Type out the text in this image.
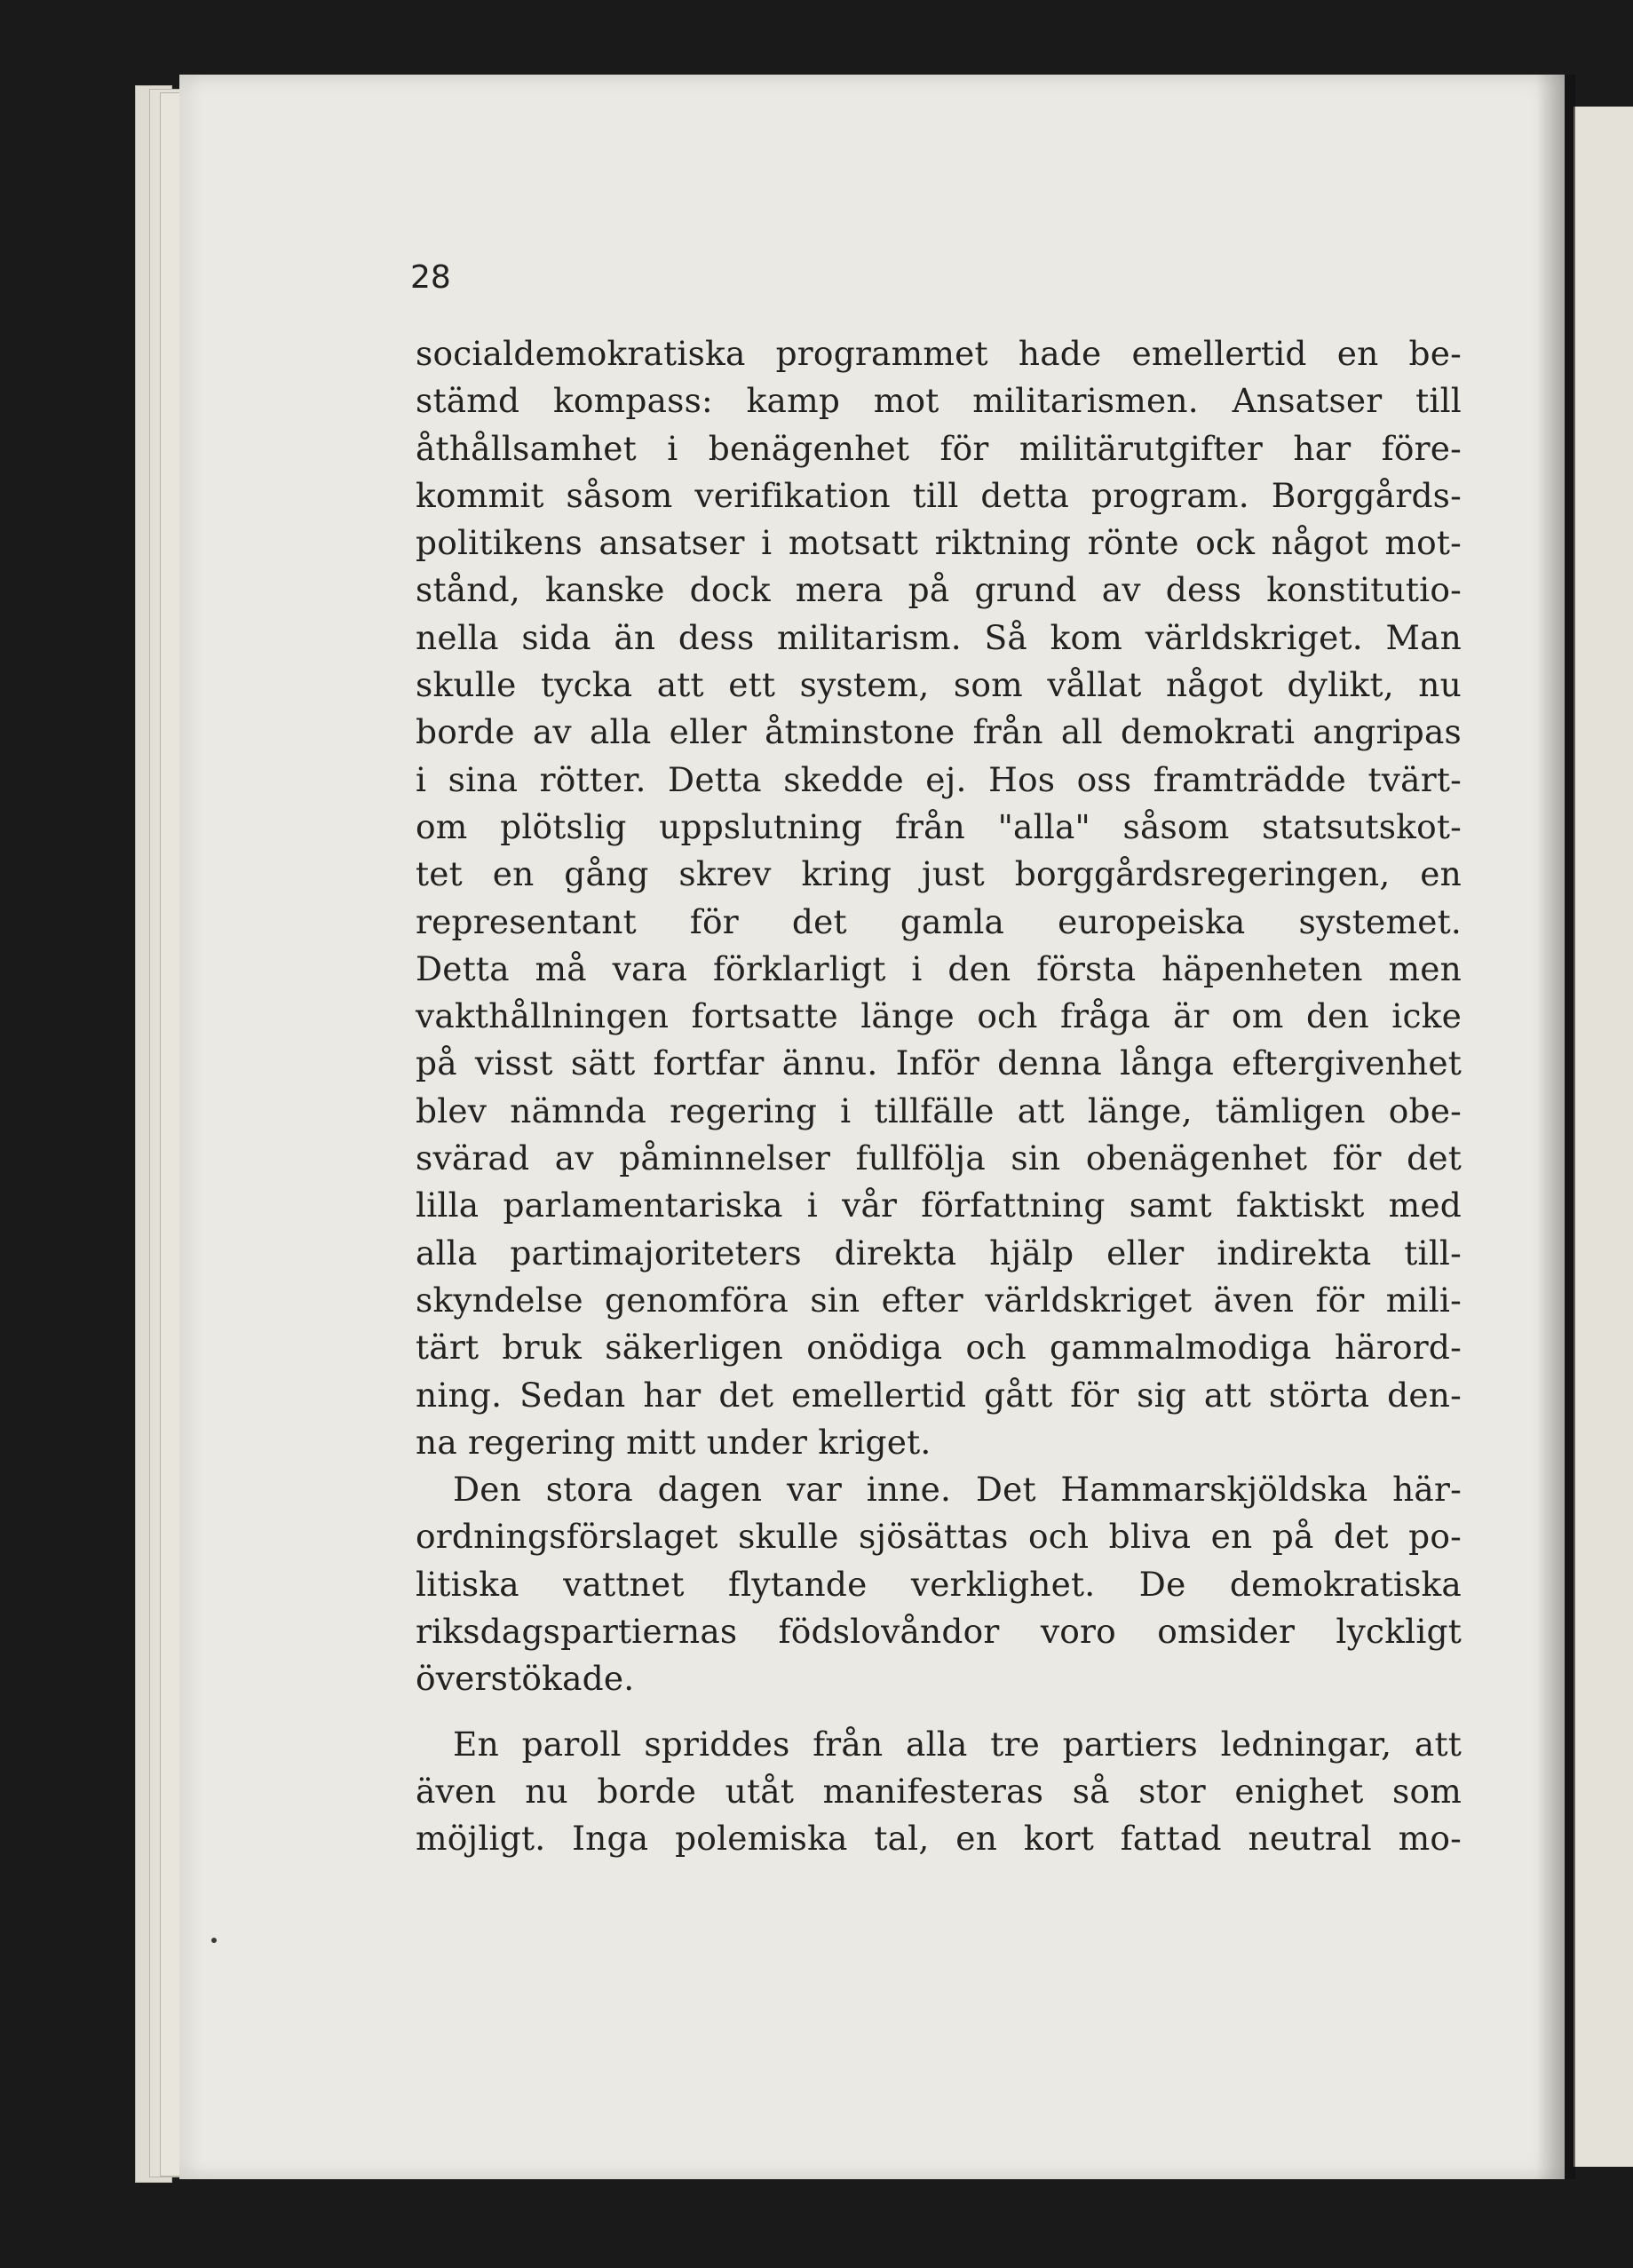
28
socialdemokratiska programmet hade emellertid en be-
stämd kompass: kamp mot militarismen. Ansatser till
åthållsamhet i benägenhet för militärutgifter har före-
kommit såsom verifikation till detta program. Borggårds-
politikens ansatser i motsatt riktning rönte ock något mot-
stånd, kanske dock mera på grund av dess konstitutio-
nella sida än dess militarism. Så kom världskriget. Man
skulle tycka att ett system, som vållat något dylikt, nu
borde av alla eller åtminstone från all demokrati angripas
i sina rötter. Detta skedde ej. Hos oss framträdde tvärt-
om plötslig uppslutning från "alla" såsom statsutskot-
tet en gång skrev kring just borggårdsregeringen, en
representant för det gamla europeiska systemet.
Detta må vara förklarligt i den första häpenheten men
vakthållningen fortsatte länge och fråga är om den icke
på visst sätt fortfar ännu. Inför denna långa eftergivenhet
blev nämnda regering i tillfälle att länge, tämligen obe-
svärad av påminnelser fullfölja sin obenägenhet för det
lilla parlamentariska i vår författning samt faktiskt med
alla partimajoriteters direkta hjälp eller indirekta till-
skyndelse genomföra sin efter världskriget även för mili-
tärt bruk säkerligen onödiga och gammalmodiga härord-
ning. Sedan har det emellertid gått för sig att störta den-
na regering mitt under kriget.
Den stora dagen var inne. Det Hammarskjöldska här-
ordningsförslaget skulle sjösättas och bliva en på det po-
litiska vattnet flytande verklighet. De demokratiska
riksdagspartiernas födslovåndor voro omsider lyckligt
överstökade.
En paroll spriddes från alla tre partiers ledningar, att
även nu borde utåt manifesteras så stor enighet som
möjligt. Inga polemiska tal, en kort fattad neutral mo-
